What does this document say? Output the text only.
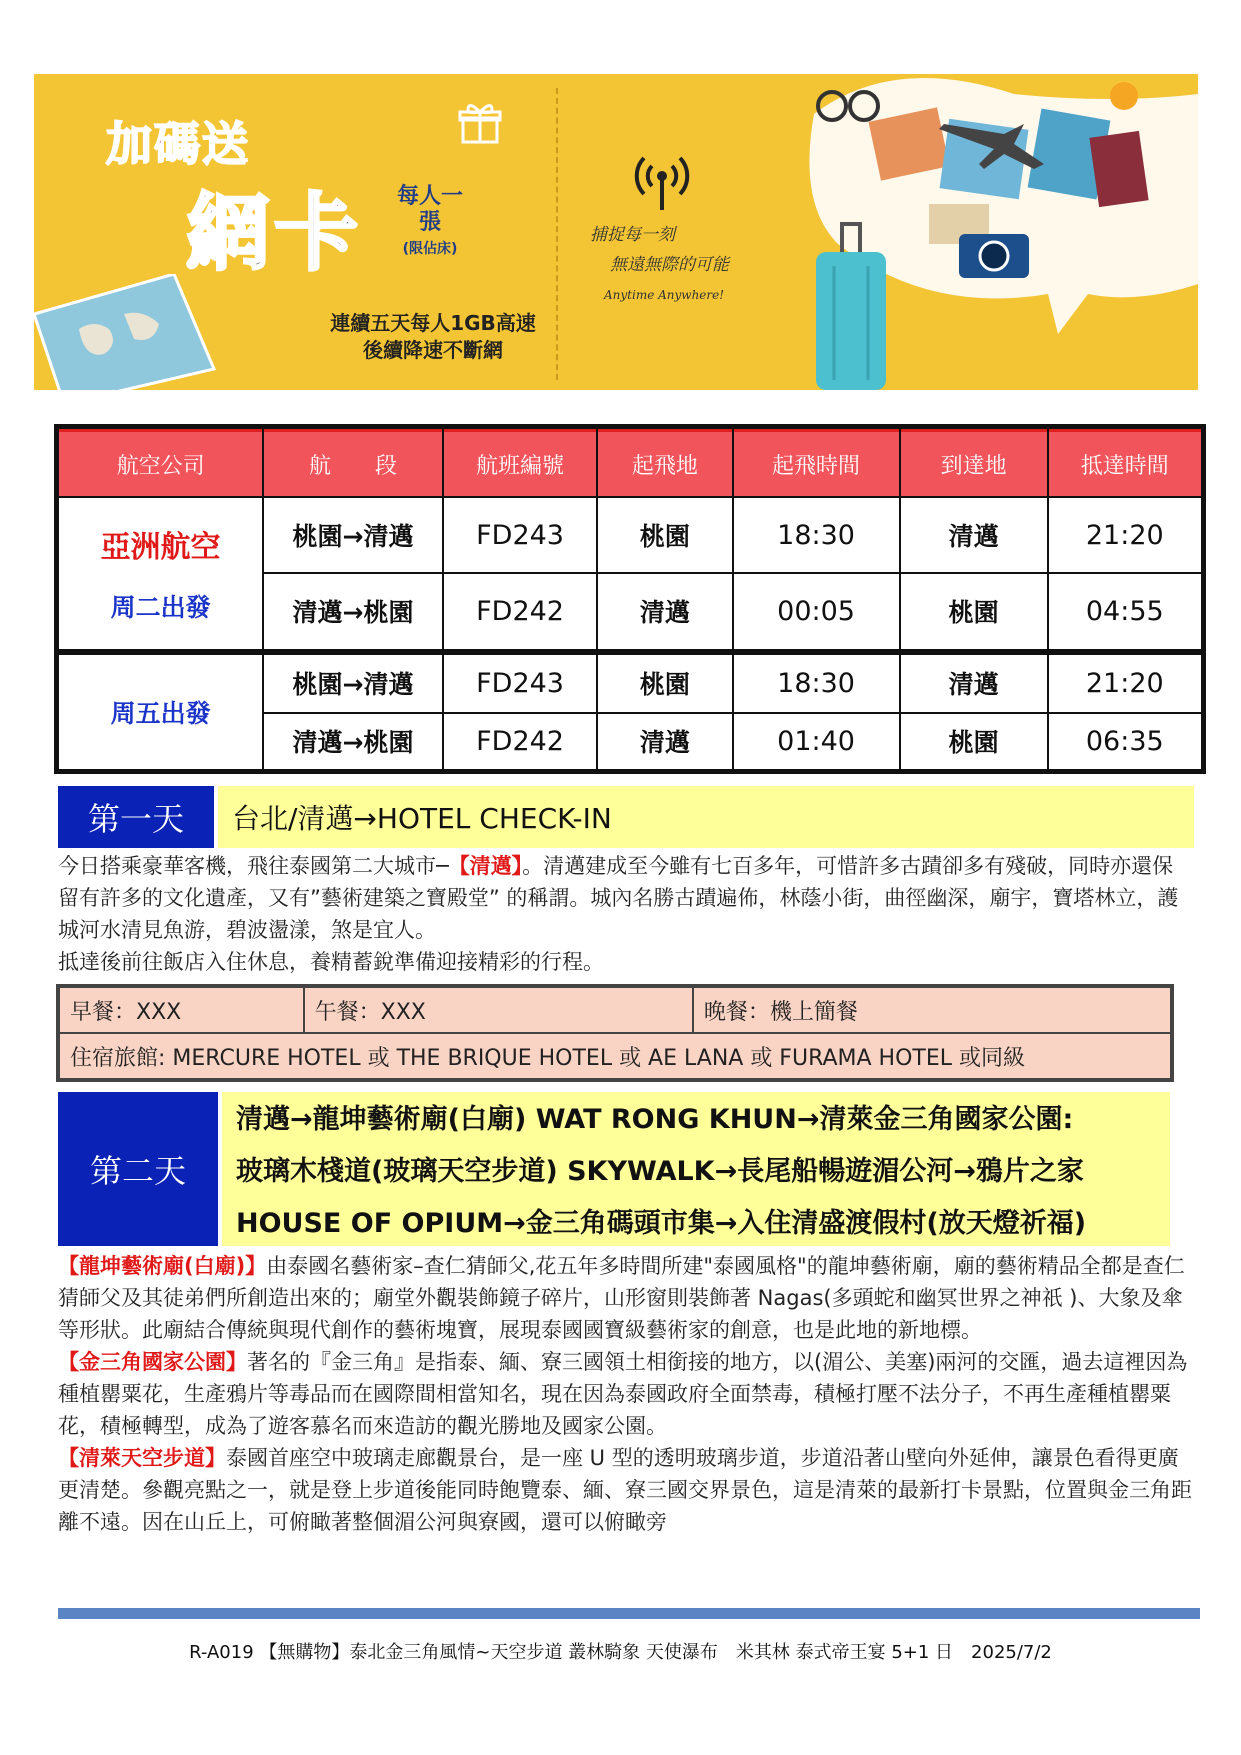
加碼送
網卡	每人一張
(限佔床)
連續五天每人1GB高速
後續降速不斷網
捕捉每一刻
無遠無際的可能
Anytime Anywhere!
航空公司	航　　段	航班編號	起飛地	起飛時間	到達地	抵達時間

亞洲航空
周二出發	桃園→清邁	FD243	桃園	18:30	清邁	21:20
	清邁→桃園	FD242	清邁	00:05	桃園	04:55
周五出發	桃園→清邁	FD243	桃園	18:30	清邁	21:20
	清邁→桃園	FD242	清邁	01:40	桃園	06:35
第一天	台北/清邁→HOTEL CHECK-IN

今日搭乘豪華客機，飛往泰國第二大城市─【清邁】。清邁建成至今雖有七百多年，可惜許多古蹟卻多有殘破，同時亦還保留有許多的文化遺產，又有”藝術建築之寶殿堂” 的稱謂。城內名勝古蹟遍佈，林蔭小街，曲徑幽深，廟宇，寶塔林立，護城河水清見魚游，碧波盪漾，煞是宜人。

抵達後前往飯店入住休息，養精蓄銳準備迎接精彩的行程。

早餐：XXX	午餐：XXX	晚餐：機上簡餐
住宿旅館: MERCURE HOTEL 或 THE BRIQUE HOTEL 或 AE LANA 或 FURAMA HOTEL 或同級
第二天
清邁→龍坤藝術廟(白廟) WAT RONG KHUN→清萊金三角國家公園:
玻璃木棧道(玻璃天空步道) SKYWALK→長尾船暢遊湄公河→鴉片之家
HOUSE OF OPIUM→金三角碼頭市集→入住清盛渡假村(放天燈祈福)

【龍坤藝術廟(白廟)】由泰國名藝術家–查仁猜師父,花五年多時間所建"泰國風格"的龍坤藝術廟，廟的藝術精品全都是查仁猜師父及其徒弟們所創造出來的；廟堂外觀裝飾鏡子碎片，山形窗則裝飾著 Nagas(多頭蛇和幽冥世界之神祇 )、大象及傘等形狀。此廟結合傳統與現代創作的藝術塊寶，展現泰國國寶級藝術家的創意，也是此地的新地標。

【金三角國家公園】著名的『金三角』是指泰、緬、寮三國領土相銜接的地方，以(湄公、美塞)兩河的交匯，過去這裡因為種植罌粟花，生產鴉片等毒品而在國際間相當知名，現在因為泰國政府全面禁毒，積極打壓不法分子，不再生產種植罌粟花，積極轉型，成為了遊客慕名而來造訪的觀光勝地及國家公園。

【清萊天空步道】泰國首座空中玻璃走廊觀景台，是一座 U 型的透明玻璃步道，步道沿著山壁向外延伸，讓景色看得更廣更清楚。參觀亮點之一，就是登上步道後能同時飽覽泰、緬、寮三國交界景色，這是清萊的最新打卡景點，位置與金三角距離不遠。因在山丘上，可俯瞰著整個湄公河與寮國，還可以俯瞰旁

R-A019 【無購物】泰北金三角風情~天空步道 叢林騎象 天使瀑布　米其林 泰式帝王宴 5+1 日　2025/7/2
